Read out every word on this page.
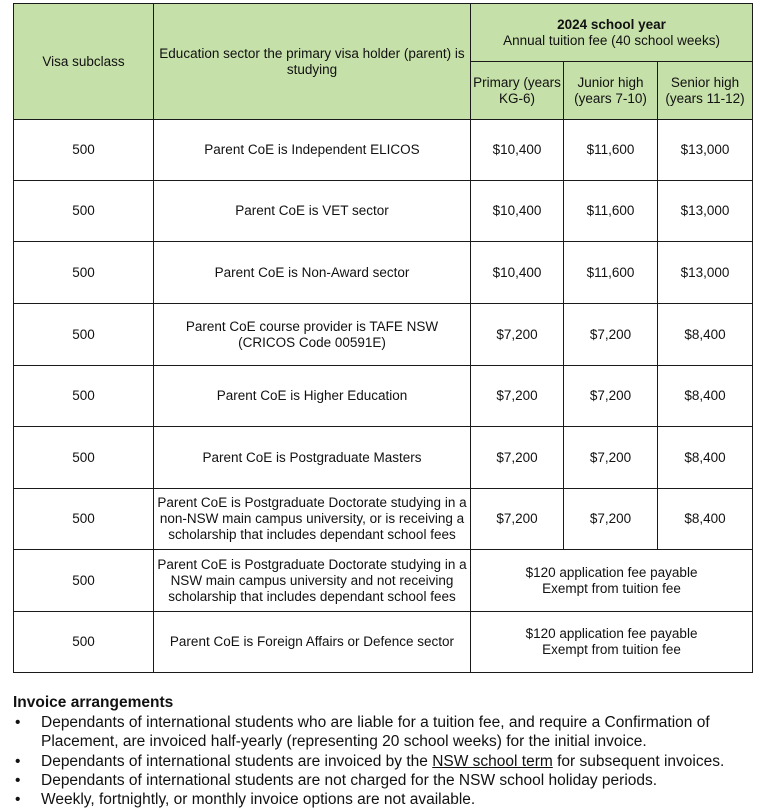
Visa subclass	Education sector the primary visa holder (parent) is studying	2024 school year
Annual tuition fee (40 school weeks)		

		Primary (years KG-6)	Junior high (years 7-10)	Senior high (years 11-12)
500	Parent CoE is Independent ELICOS	$10,400	$11,600	$13,000
500	Parent CoE is VET sector	$10,400	$11,600	$13,000
500	Parent CoE is Non-Award sector	$10,400	$11,600	$13,000
500	Parent CoE course provider is TAFE NSW (CRICOS Code 00591E)	$7,200	$7,200	$8,400
500	Parent CoE is Higher Education	$7,200	$7,200	$8,400
500	Parent CoE is Postgraduate Masters	$7,200	$7,200	$8,400
500	Parent CoE is Postgraduate Doctorate studying in a non-NSW main campus university, or is receiving a scholarship that includes dependant school fees	$7,200	$7,200	$8,400
500	Parent CoE is Postgraduate Doctorate studying in a NSW main campus university and not receiving scholarship that includes dependant school fees	$120 application fee payable
Exempt from tuition fee		

500	Parent CoE is Foreign Affairs or Defence sector	$120 application fee payable
Exempt from tuition fee		
Invoice arrangements
• Dependants of international students who are liable for a tuition fee, and require a Confirmation of Placement, are invoiced half-yearly (representing 20 school weeks) for the initial invoice.
• Dependants of international students are invoiced by the NSW school term for subsequent invoices.
• Dependants of international students are not charged for the NSW school holiday periods.
• Weekly, fortnightly, or monthly invoice options are not available.
